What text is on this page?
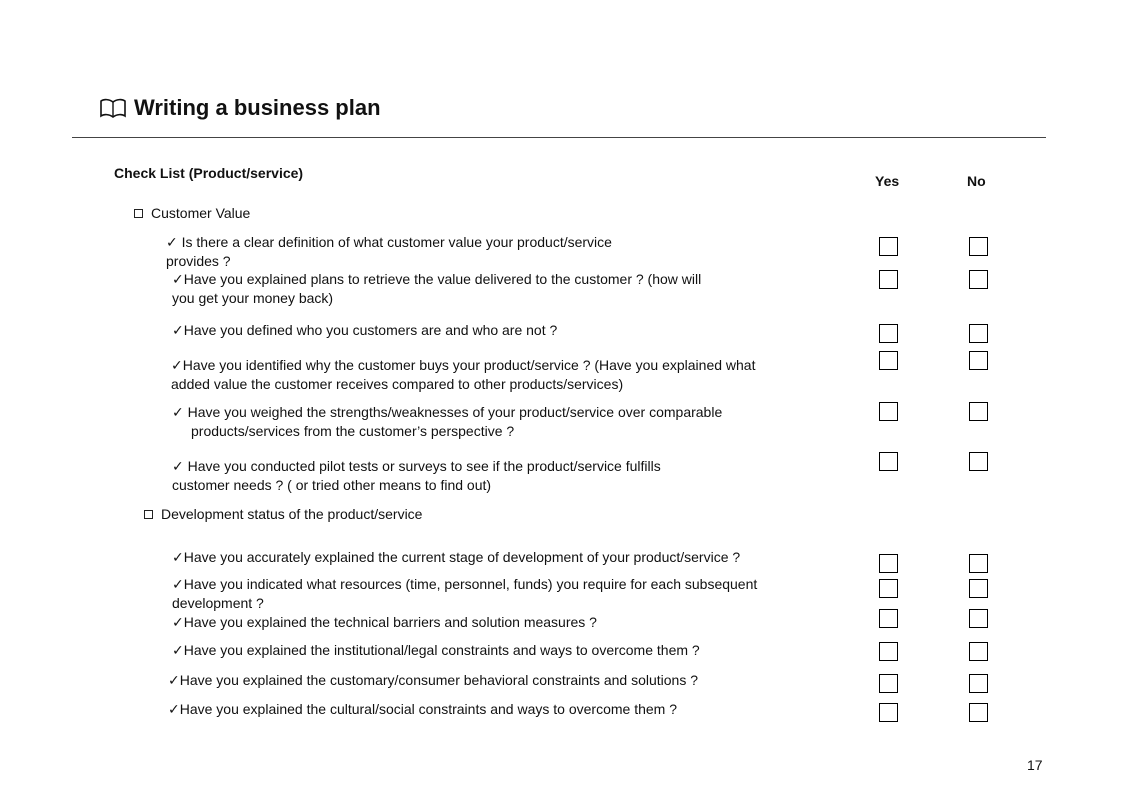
Writing a business plan
Check List (Product/service)	Yes	No
Customer Value
✓ Is there a clear definition of what customer value your product/service
provides ?
✓Have you explained plans to retrieve the value delivered to the customer ? (how will
you get your money back)
✓Have you defined who you customers are and who are not ?
✓Have you identified why the customer buys your product/service ? (Have you explained what
added value the customer receives compared to other products/services)
✓ Have you weighed the strengths/weaknesses of your product/service over comparable
products/services from the customer’s perspective ?
✓ Have you conducted pilot tests or surveys to see if the product/service fulfills
customer needs ? ( or tried other means to find out)
Development status of the product/service
✓Have you accurately explained the current stage of development of your product/service ?
✓Have you indicated what resources (time, personnel, funds) you require for each subsequent
development ?
✓Have you explained the technical barriers and solution measures ?
✓Have you explained the institutional/legal constraints and ways to overcome them ?
✓Have you explained the customary/consumer behavioral constraints and solutions ?
✓Have you explained the cultural/social constraints and ways to overcome them ?
17
